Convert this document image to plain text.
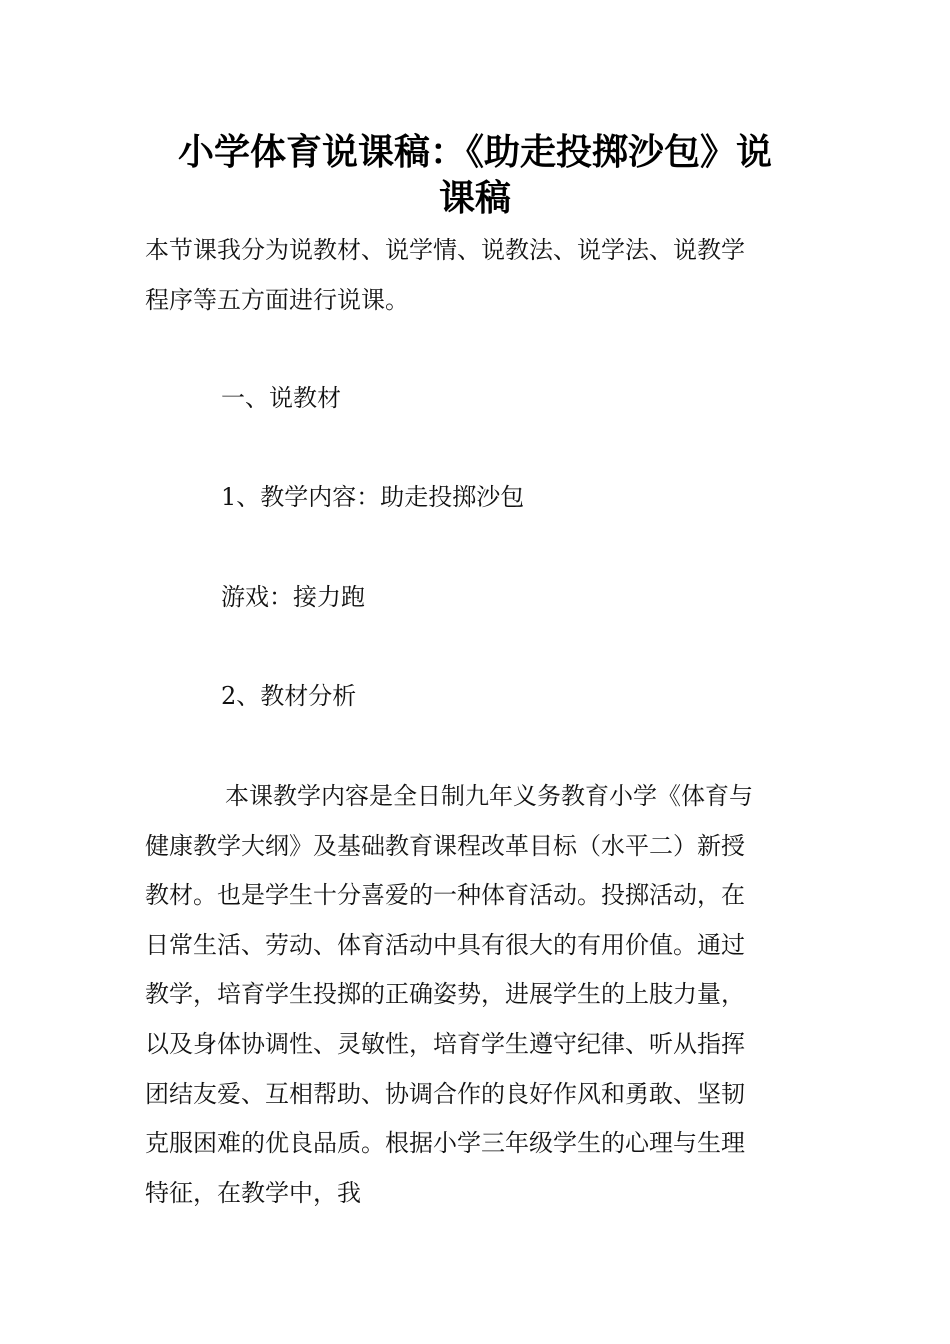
小学体育说课稿：《助走投掷沙包》说
课稿
本节课我分为说教材、说学情、说教法、说学法、说教学
程序等五方面进行说课。
一、说教材
1、教学内容：助走投掷沙包
游戏：接力跑
2、教材分析
本课教学内容是全日制九年义务教育小学《体育与
健康教学大纲》及基础教育课程改革目标（水平二）新授
教材。也是学生十分喜爱的一种体育活动。投掷活动，在
日常生活、劳动、体育活动中具有很大的有用价值。通过
教学，培育学生投掷的正确姿势，进展学生的上肢力量，
以及身体协调性、灵敏性，培育学生遵守纪律、听从指挥
团结友爱、互相帮助、协调合作的良好作风和勇敢、坚韧
克服困难的优良品质。根据小学三年级学生的心理与生理
特征，在教学中，我
